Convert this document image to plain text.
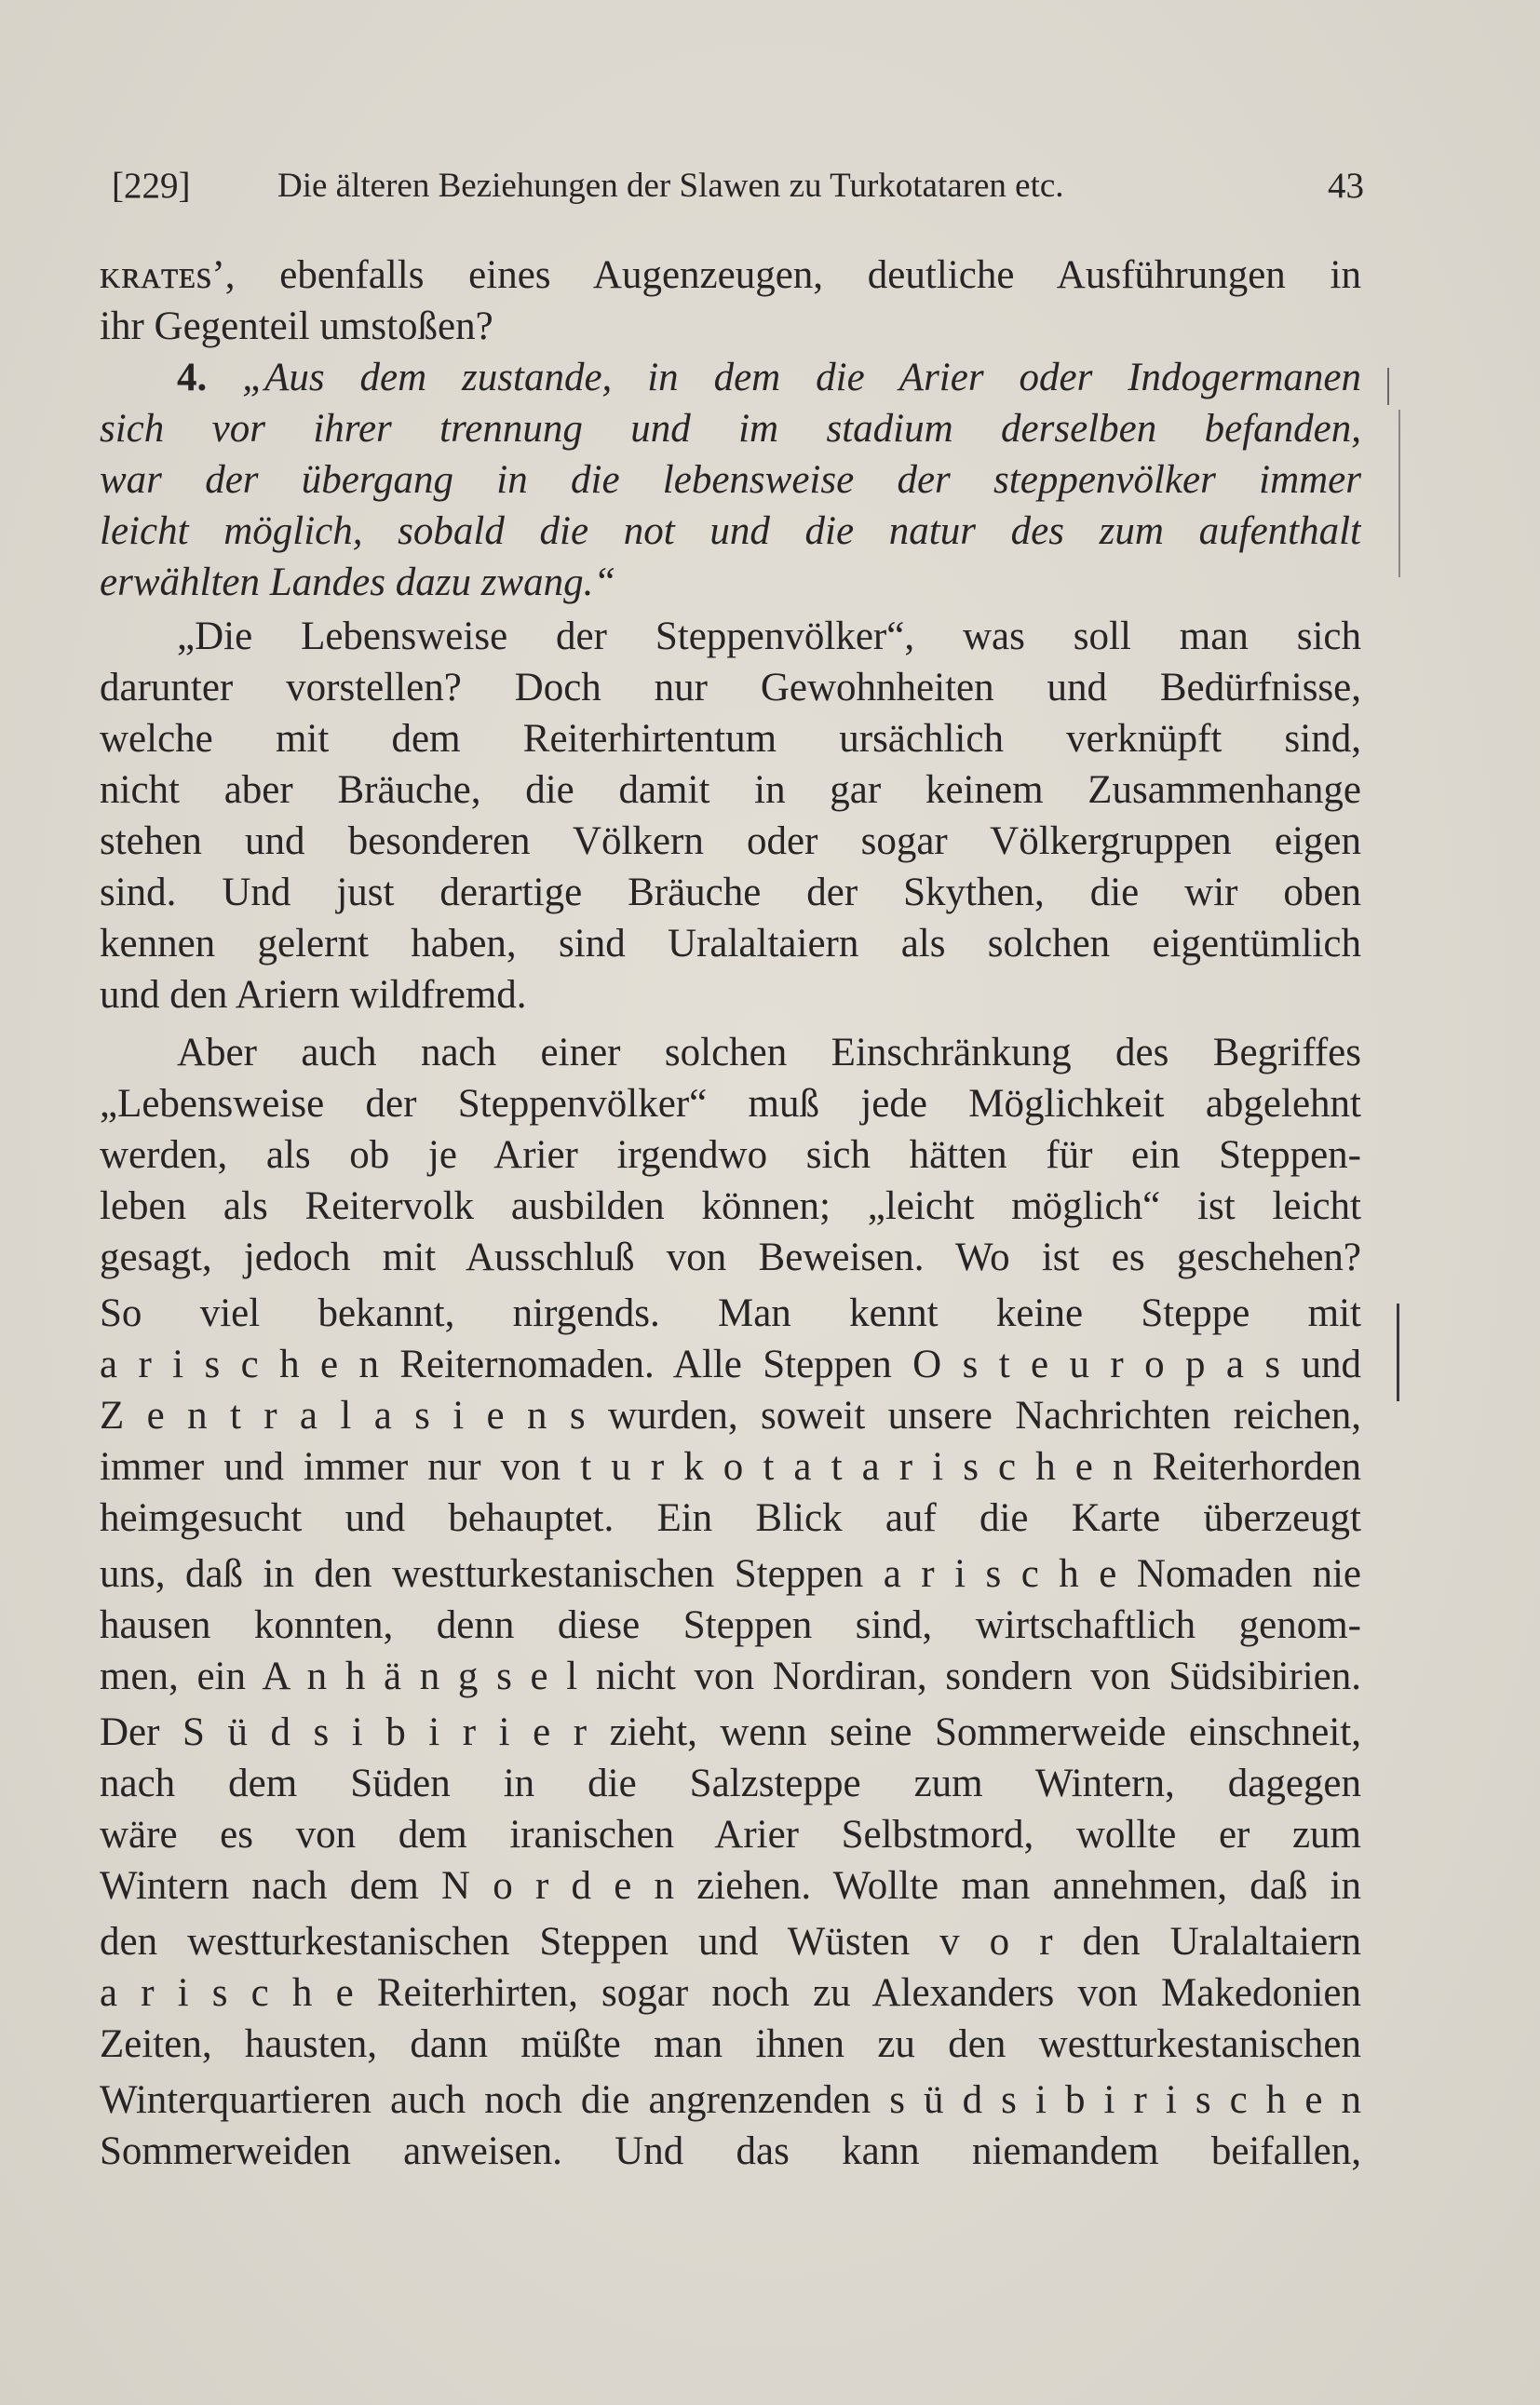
[229]	Die älteren Beziehungen der Slawen zu Turkotataren etc.	43
ᴋʀᴀᴛᴇs’, ebenfalls eines Augenzeugen, deutliche Ausführungen in
ihr Gegenteil umstoßen?
4. „Aus dem zustande, in dem die Arier oder Indogermanen
sich vor ihrer trennung und im stadium derselben befanden,
war der übergang in die lebensweise der steppenvölker immer
leicht möglich, sobald die not und die natur des zum aufenthalt
erwählten Landes dazu zwang.“
„Die Lebensweise der Steppenvölker“, was soll man sich
darunter vorstellen? Doch nur Gewohnheiten und Bedürfnisse,
welche mit dem Reiterhirtentum ursächlich verknüpft sind,
nicht aber Bräuche, die damit in gar keinem Zusammenhange
stehen und besonderen Völkern oder sogar Völkergruppen eigen
sind. Und just derartige Bräuche der Skythen, die wir oben
kennen gelernt haben, sind Uralaltaiern als solchen eigentümlich
und den Ariern wildfremd.
Aber auch nach einer solchen Einschränkung des Begriffes
„Lebensweise der Steppenvölker“ muß jede Möglichkeit abgelehnt
werden, als ob je Arier irgendwo sich hätten für ein Steppen-
leben als Reitervolk ausbilden können; „leicht möglich“ ist leicht
gesagt, jedoch mit Ausschluß von Beweisen. Wo ist es geschehen?
So viel bekannt, nirgends. Man kennt keine Steppe mit
a r i s c h e n Reiternomaden. Alle Steppen O s t e u r o p a s und
Z e n t r a l a s i e n s wurden, soweit unsere Nachrichten reichen,
immer und immer nur von t u r k o t a t a r i s c h e n Reiterhorden
heimgesucht und behauptet. Ein Blick auf die Karte überzeugt
uns, daß in den westturkestanischen Steppen a r i s c h e Nomaden nie
hausen konnten, denn diese Steppen sind, wirtschaftlich genom-
men, ein A n h ä n g s e l nicht von Nordiran, sondern von Südsibirien.
Der S ü d s i b i r i e r zieht, wenn seine Sommerweide einschneit,
nach dem Süden in die Salzsteppe zum Wintern, dagegen
wäre es von dem iranischen Arier Selbstmord, wollte er zum
Wintern nach dem N o r d e n ziehen. Wollte man annehmen, daß in
den westturkestanischen Steppen und Wüsten v o r den Uralaltaiern
a r i s c h e Reiterhirten, sogar noch zu Alexanders von Makedonien
Zeiten, hausten, dann müßte man ihnen zu den westturkestanischen
Winterquartieren auch noch die angrenzenden s ü d s i b i r i s c h e n
Sommerweiden anweisen. Und das kann niemandem beifallen,
